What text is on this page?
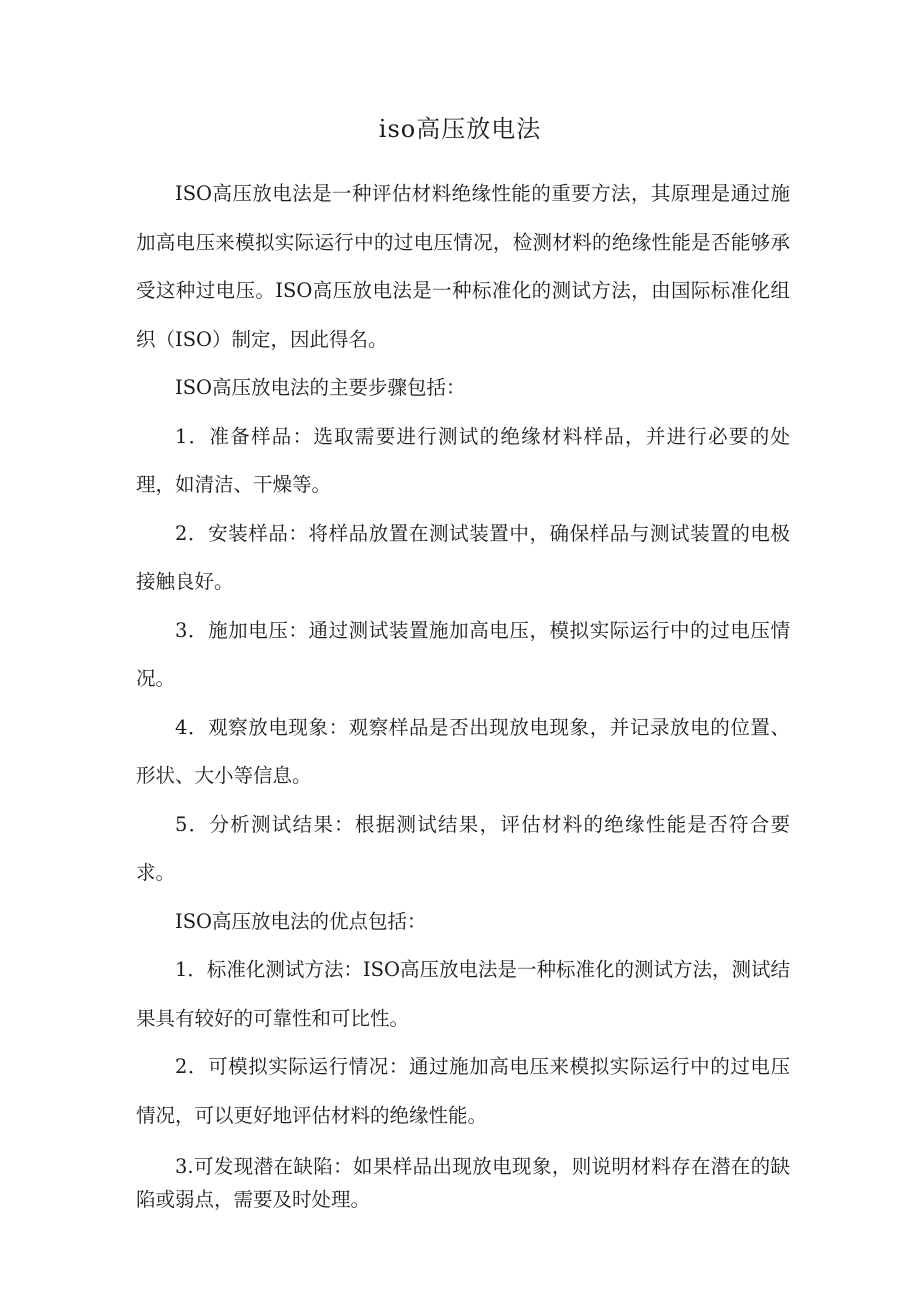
iso高压放电法

ISO高压放电法是一种评估材料绝缘性能的重要方法，其原理是通过施加高电压来模拟实际运行中的过电压情况，检测材料的绝缘性能是否能够承受这种过电压。ISO高压放电法是一种标准化的测试方法，由国际标准化组织（ISO）制定，因此得名。

ISO高压放电法的主要步骤包括：

1．准备样品：选取需要进行测试的绝缘材料样品，并进行必要的处理，如清洁、干燥等。

2．安装样品：将样品放置在测试装置中，确保样品与测试装置的电极接触良好。

3．施加电压：通过测试装置施加高电压，模拟实际运行中的过电压情况。

4．观察放电现象：观察样品是否出现放电现象，并记录放电的位置、形状、大小等信息。

5．分析测试结果：根据测试结果，评估材料的绝缘性能是否符合要求。

ISO高压放电法的优点包括：

1．标准化测试方法：ISO高压放电法是一种标准化的测试方法，测试结果具有较好的可靠性和可比性。

2．可模拟实际运行情况：通过施加高电压来模拟实际运行中的过电压情况，可以更好地评估材料的绝缘性能。

3.可发现潜在缺陷：如果样品出现放电现象，则说明材料存在潜在的缺陷或弱点，需要及时处理。
